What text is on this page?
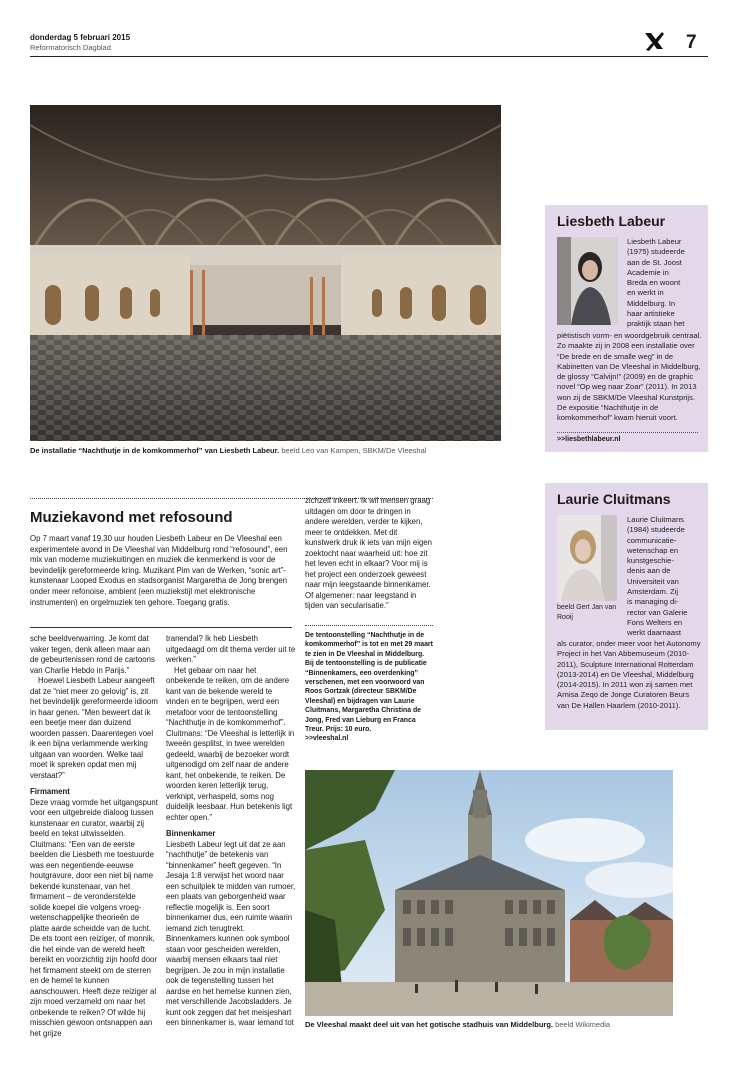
donderdag 5 februari 2015
Reformatorisch Dagblad	7
De installatie “Nachthutje in de komkommerhof” van Liesbeth Labeur. beeld Leo van Kampen, SBKM/De Vleeshal
Liesbeth Labeur
Liesbeth Labeur
(1975) studeerde
aan de St. Joost
Academie in
Breda en woont
en werkt in
Middelburg. In
haar artistieke
praktijk staan het
piëtistisch vorm- en woordgebruik centraal. Zo maakte zij in 2008 een installatie over “De brede en de smalle weg” in de Kabinetten van De Vleeshal in Middelburg, de glossy “Calvijn!” (2009) en de graphic novel “Op weg naar Zoar” (2011). In 2013 won zij de SBKM/De Vleeshal Kunstprijs. De expositie “Nachthutje in de komkommerhof” kwam hieruit voort.
>>liesbethlabeur.nl
Laurie Cluitmans
Laurie Cluitmans
(1984) studeerde
communicatie-
wetenschap en
kunstgeschie-
denis aan de
Universiteit van
Amsterdam. Zij
is managing di-
rector van Galerie
Fons Welters en
werkt daarnaast
beeld Gert Jan van Rooij
als curator, onder meer voor het Autonomy Project in het Van Abbemuseum (2010-2011), Sculpture International Rotterdam (2013-2014) en De Vleeshal, Middelburg (2014-2015). In 2011 won zij samen met Arnisa Zeqo de Jonge Curatoren Beurs van De Hallen Haarlem (2010-2011).
Muziekavond met refosound
Op 7 maart vanaf 19.30 uur houden Liesbeth Labeur en De Vleeshal een experimentele avond in De Vleeshal van Middelburg rond “refosound”, een mix van moderne muziekuitingen en muziek die kenmerkend is voor de bevindelijk gereformeerde kring. Muzikant Pim van de Werken, “sonic art”-kunstenaar Looped Exodus en stadsorganist Margaretha de Jong brengen onder meer refonoise, ambient (een muziekstijl met elektronische instrumenten) en orgelmuziek ten gehore. Toegang gratis.

sche beeldverwarring. Je komt dat vaker tegen, denk alleen maar aan de gebeurtenissen rond de cartoons van Charlie Hebdo in Parijs.”

Hoewel Liesbeth Labeur aangeeft dat ze “niet meer zo gelovig” is, zit het bevindelijk gereformeerde idioom in haar genen. “Men beweert dat ik een beetje meer dan duizend woorden passen. Daarentegen voel ik een bijna verlammende werking uitgaan van woorden. Welke taal moet ik spreken opdat men mij verstaat?”

Firmament

Deze vraag vormde het uitgangspunt voor een uitgebreide dialoog tussen kunstenaar en curator, waarbij zij beeld en tekst uitwisselden. Cluitmans: “Een van de eerste beelden die Liesbeth me toestuurde was een negentiende-eeuwse houtgravure, door een niet bij name bekende kunstenaar, van het firmament – de veronderstelde solide koepel die volgens vroeg-wetenschappelijke theorieën de platte aarde scheidde van de lucht. De ets toont een reiziger, of monnik, die het einde van de wereld heeft bereikt en voorzichtig zijn hoofd door het firmament steekt om de sterren en de hemel te kunnen aanschouwen. Heeft deze reiziger al zijn moed verzameld om naar het onbekende te reiken? Of wilde hij misschien gewoon ontsnappen aan het grijze

tranendal? Ik heb Liesbeth uitgedaagd om dit thema verder uit te werken.”

Het gebaar om naar het onbekende te reiken, om de andere kant van de bekende wereld te vinden en te begrijpen, werd een metafoor voor de tentoonstelling “Nachthutje in de komkommerhof”. Cluitmans: “De Vleeshal is letterlijk in tweeën gesplitst, in twee werelden gedeeld, waarbij de bezoeker wordt uitgenodigd om zelf naar de andere kant, het onbekende, te reiken. De woorden keren letterlijk terug, verknipt, verhaspeld, soms nog duidelijk leesbaar. Hun betekenis ligt echter open.”

Binnenkamer

Liesbeth Labeur legt uit dat ze aan “nachthutje” de betekenis van “binnenkamer” heeft gegeven. “In Jesaja 1:8 verwijst het woord naar een schuilplek te midden van rumoer, een plaats van geborgenheid waar reflectie mogelijk is. Een soort binnenkamer dus, een ruimte waarin iemand zich terugtrekt. Binnenkamers kunnen ook symbool staan voor gescheiden werelden, waarbij mensen elkaars taal niet begrijpen. Je zou in mijn installatie ook de tegenstelling tussen het aardse en het hemelse kunnen zien, met verschillende Jacobsladders. Je kunt ook zeggen dat het meisjeshart een binnenkamer is, waar iemand tot

zichzelf inkeert. Ik wil mensen graag uitdagen om door te dringen in andere werelden, verder te kijken, meer te ontdekken. Met dit kunstwerk druk ik iets van mijn eigen zoektocht naar waarheid uit: hoe zit het leven echt in elkaar? Voor mij is het project een onderzoek geweest naar mijn leegstaande binnenkamer. Of algemener: naar leegstand in tijden van secularisatie.”

De tentoonstelling “Nachthutje in de komkommerhof” is tot en met 29 maart te zien in De Vleeshal in Middelburg. Bij de tentoonstelling is de publicatie “Binnenkamers, een overdenking” verschenen, met een voorwoord van Roos Gortzak (directeur SBKM/De Vleeshal) en bijdragen van Laurie Cluitmans, Margaretha Christina de Jong, Fred van Lieburg en Franca Treur. Prijs: 10 euro.
>>vleeshal.nl
De Vleeshal maakt deel uit van het gotische stadhuis van Middelburg. beeld Wikimedia
